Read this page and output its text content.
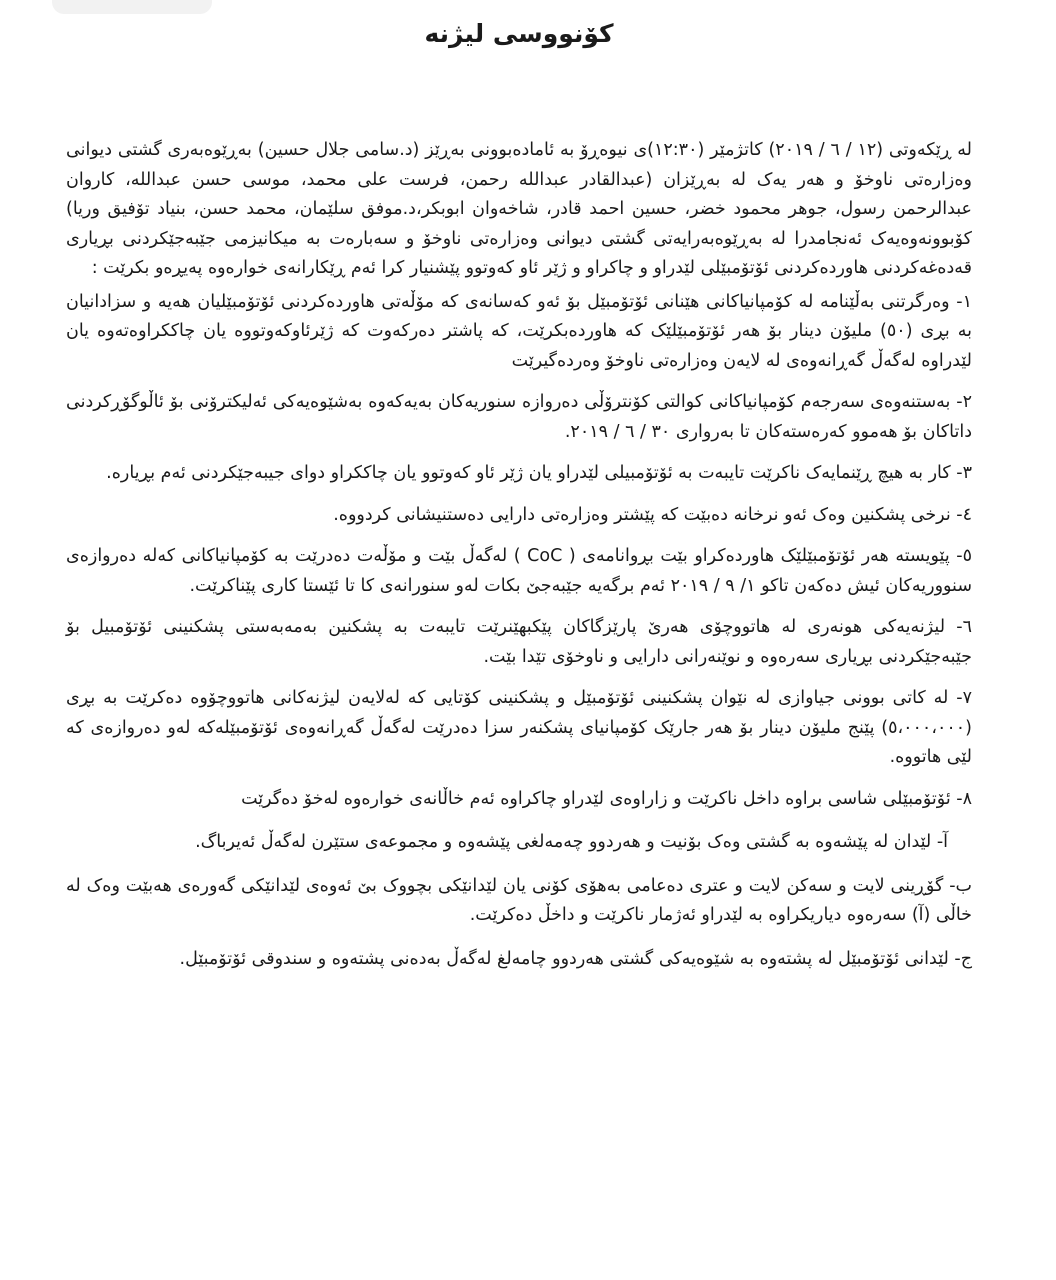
کۆنووسی لیژنە

لە ڕێکەوتی (١٢ / ٦ / ٢٠١٩) کاتژمێر (١٢:٣٠)ی نیوەڕۆ بە ئامادەبوونی بەڕێز (د.سامی جلال حسین) بەڕێوەبەری گشتی دیوانی وەزارەتی ناوخۆ و هەر یەک لە بەڕێزان (عبدالقادر عبدالله رحمن، فرست علی محمد، موسی حسن عبدالله، کاروان عبدالرحمن رسول، جوهر محمود خضر، حسین احمد قادر، شاخەوان ابوبکر،د.موفق سلێمان، محمد حسن، بنیاد تۆفیق وریا) کۆبوونەوەیەک ئەنجامدرا لە بەڕێوەبەرایەتی گشتی دیوانی وەزارەتی ناوخۆ و سەبارەت بە میکانیزمی جێبەجێکردنی بڕیاری قەدەغەکردنی هاوردەکردنی ئۆتۆمبێلی لێدراو و چاکراو و ژێر ئاو کەوتوو پێشنیار کرا ئەم ڕێکارانەی خوارەوە پەیڕەو بکرێت :

١- وەرگرتنی بەڵێنامە لە کۆمپانیاکانی هێنانی ئۆتۆمبێل بۆ ئەو کەسانەی کە مۆڵەتی هاوردەکردنی ئۆتۆمبێلیان هەیە و سزادانیان بە بڕی (٥٠) ملیۆن دینار بۆ هەر ئۆتۆمبێلێک کە هاوردەبکرێت، کە پاشتر دەرکەوت کە ژێرئاوکەوتووە یان چاککراوەتەوە یان لێدراوە لەگەڵ گەڕانەوەی لە لایەن وەزارەتی ناوخۆ وەردەگیرێت

٢- بەستنەوەی سەرجەم کۆمپانیاکانی کوالتی کۆنترۆڵی دەروازە سنوریەکان بەیەکەوە بەشێوەیەکی ئەلیکترۆنی بۆ ئاڵوگۆڕکردنی داتاکان بۆ هەموو کەرەستەکان تا بەرواری ٣٠ / ٦ / ٢٠١٩.

٣- کار بە هیچ ڕێنمایەک ناکرێت تایبەت بە ئۆتۆمبیلی لێدراو یان ژێر ئاو کەوتوو یان چاککراو دوای جیبەجێکردنی ئەم بڕیارە.

٤- نرخی پشکنین وەک ئەو نرخانە دەبێت کە پێشتر وەزارەتی دارایی دەستنیشانی کردووە.

٥- پێویستە هەر ئۆتۆمبێلێک هاوردەکراو بێت بڕوانامەی ( CoC ) لەگەڵ بێت و مۆڵەت دەدرێت بە کۆمپانیاکانی کەلە دەروازەی سنووریەکان ئیش دەکەن تاکو ١/ ٩ / ٢٠١٩ ئەم برگەیە جێبەجێ بکات لەو سنورانەی کا تا ئێستا کاری پێناکرێت.

٦- لیژنەیەکی هونەری لە هاتووچۆی هەرێ پارێزگاکان پێکبهێنرێت تایبەت بە پشکنین بەمەبەستی پشکنینی ئۆتۆمبیل بۆ جێبەجێکردنی بڕیاری سەرەوە و نوێنەرانی دارایی و ناوخۆی تێدا بێت.

٧- لە کاتی بوونی جیاوازی لە نێوان پشکنینی ئۆتۆمبێل و پشکنینی کۆتایی کە لەلایەن لیژنەکانی هاتووچۆوە دەکرێت بە بڕی (٥،٠٠٠،٠٠٠) پێنج ملیۆن دینار بۆ هەر جارێک کۆمپانیای پشکنەر سزا دەدرێت لەگەڵ گەڕانەوەی ئۆتۆمبێلەکە لەو دەروازەی کە لێی هاتووە.

٨- ئۆتۆمبێلی شاسی براوە داخل ناکرێت و زاراوەی لێدراو چاکراوە ئەم خاڵانەی خوارەوە لەخۆ دەگرێت

آ- لێدان لە پێشەوە بە گشتی وەک بۆنیت و هەردوو چەمەلغی پێشەوە و مجموعەی ستێرن لەگەڵ ئەیرباگ.

ب- گۆڕینی لایت و سەکن لایت و عتری دەعامی بەهۆی کۆنی یان لێدانێکی بچووک بێ ئەوەی لێدانێکی گەورەی هەبێت وەک لە خاڵی (آ) سەرەوە دیاریکراوە بە لێدراو ئەژمار ناکرێت و داخڵ دەکرێت.

ج- لێدانی ئۆتۆمبێل لە پشتەوە بە شێوەیەکی گشتی هەردوو چامەلغ لەگەڵ بەدەنی پشتەوە و سندوقی ئۆتۆمبێل.
